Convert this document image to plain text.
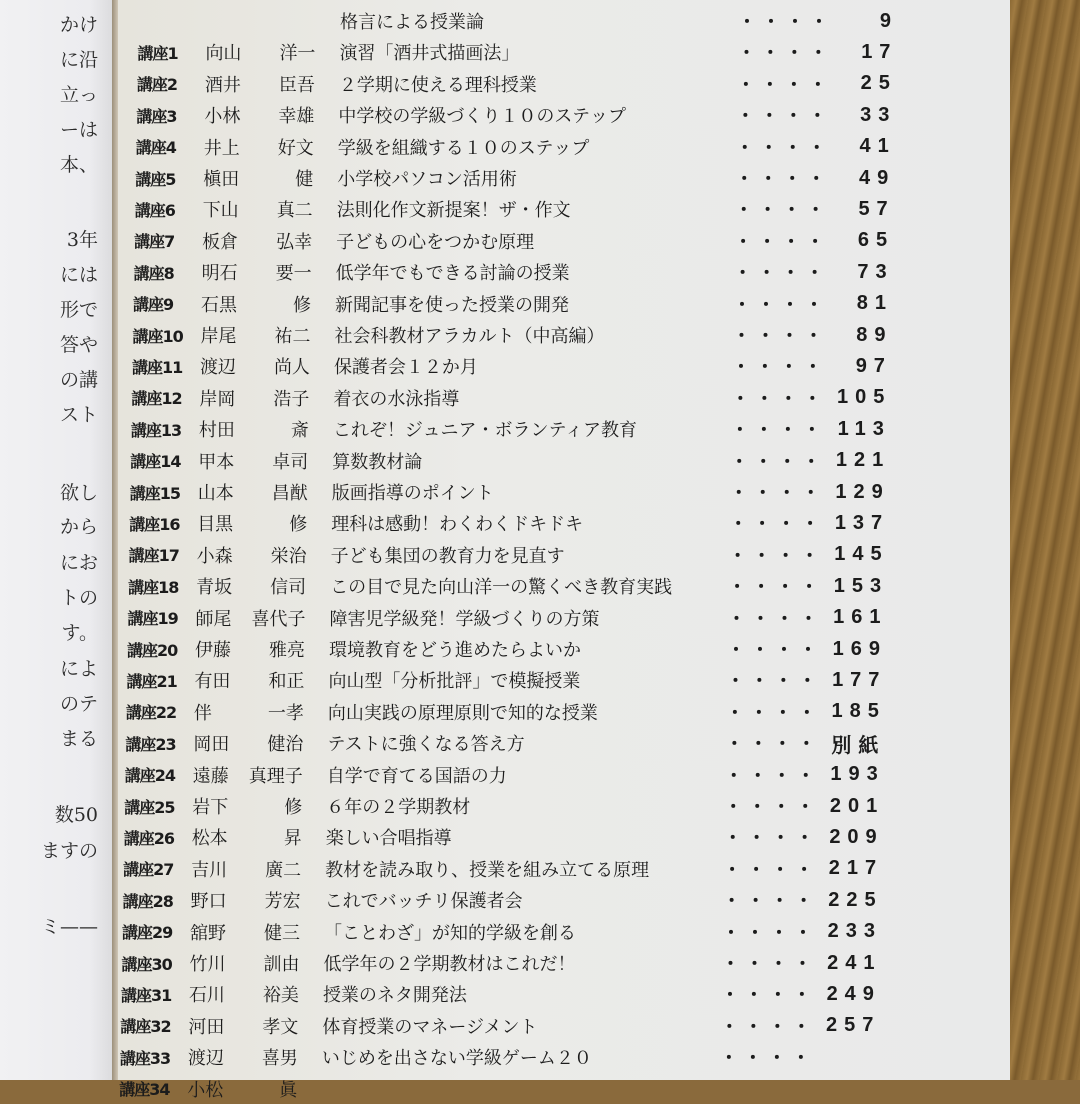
かけ
に沿
立っ
ーは
本、
3年
には
形で
答や
の講
スト
欲し
から
にお
トの
す。
によ
のテ
まる
数50
ますの
ミ——
格言による授業論	・・・・	9
講座1	向山 洋一 演習「酒井式描画法」	・・・・	17
講座2	酒井 臣吾 ２学期に使える理科授業	・・・・	25
講座3	小林 幸雄 中学校の学級づくり１０のステップ	・・・・	33
講座4	井上 好文 学級を組織する１０のステップ	・・・・	41
講座5	槇田	健 小学校パソコン活用術	・・・・	49
講座6	下山 真二 法則化作文新提案！ザ・作文	・・・・	57
講座7	板倉 弘幸 子どもの心をつかむ原理	・・・・	65
講座8	明石 要一 低学年でもできる討論の授業	・・・・	73
講座9	石黒	修 新聞記事を使った授業の開発	・・・・	81
講座10 岸尾 祐二 社会科教材アラカルト（中高編）	・・・・	89
講座11 渡辺 尚人 保護者会１２か月	・・・・	97
講座12 岸岡 浩子 着衣の水泳指導	・・・・ 105
講座13 村田	斎 これぞ！ジュニア・ボランティア教育	・・・・ 113
講座14 甲本 卓司 算数教材論	・・・・ 121
講座15 山本 昌猷 版画指導のポイント	・・・・ 129
講座16 目黒	修 理科は感動！わくわくドキドキ	・・・・ 137
講座17 小森 栄治 子ども集団の教育力を見直す	・・・・ 145
講座18 青坂 信司 この目で見た向山洋一の驚くべき教育実践	・・・・ 153
講座19 師尾 喜代子 障害児学級発！学級づくりの方策	・・・・ 161
講座20 伊藤 雅亮 環境教育をどう進めたらよいか	・・・・ 169
講座21 有田 和正 向山型「分析批評」で模擬授業	・・・・ 177
講座22 伴	一孝 向山実践の原理原則で知的な授業	・・・・ 185
講座23 岡田 健治 テストに強くなる答え方	・・・・ 別紙
講座24 遠藤 真理子 自学で育てる国語の力	・・・・ 193
講座25 岩下	修 ６年の２学期教材	・・・・ 201
講座26 松本	昇 楽しい合唱指導	・・・・ 209
講座27 吉川 廣二 教材を読み取り、授業を組み立てる原理	・・・・ 217
講座28 野口 芳宏 これでバッチリ保護者会	・・・・ 225
講座29 舘野 健三 「ことわざ」が知的学級を創る	・・・・ 233
講座30 竹川 訓由 低学年の２学期教材はこれだ！	・・・・ 241
講座31 石川 裕美 授業のネタ開発法	・・・・ 249
講座32 河田 孝文 体育授業のマネージメント	・・・・ 257
講座33 渡辺 喜男 いじめを出さない学級ゲーム２０	・・・・
講座34 小松	眞
